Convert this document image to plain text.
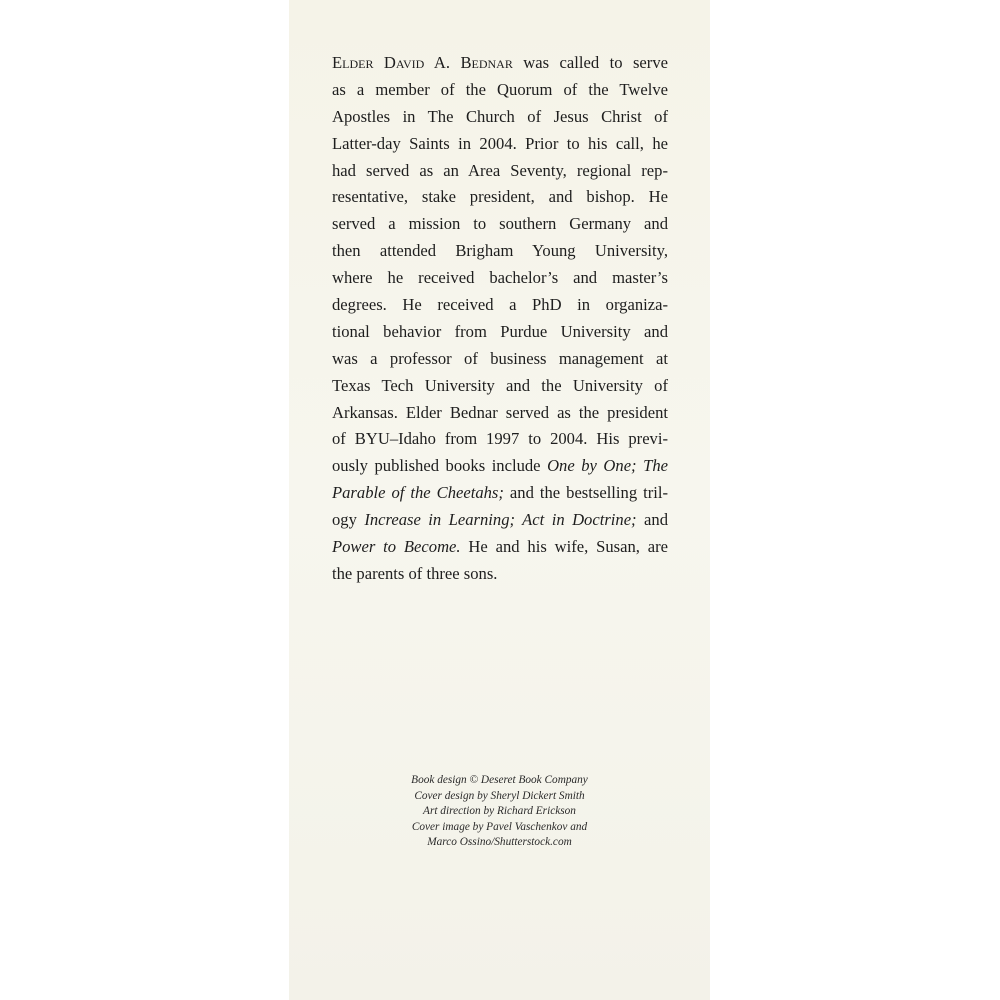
Elder David A. Bednar was called to serve
as a member of the Quorum of the Twelve
Apostles in The Church of Jesus Christ of
Latter-day Saints in 2004. Prior to his call, he
had served as an Area Seventy, regional rep-
resentative, stake president, and bishop. He
served a mission to southern Germany and
then attended Brigham Young University,
where he received bachelor’s and master’s
degrees. He received a PhD in organiza-
tional behavior from Purdue University and
was a professor of business management at
Texas Tech University and the University of
Arkansas. Elder Bednar served as the president
of BYU–Idaho from 1997 to 2004. His previ-
ously published books include One by One; The
Parable of the Cheetahs; and the bestselling tril-
ogy Increase in Learning; Act in Doctrine; and
Power to Become. He and his wife, Susan, are
the parents of three sons.

Book design © Deseret Book Company
Cover design by Sheryl Dickert Smith
Art direction by Richard Erickson
Cover image by Pavel Vaschenkov and
Marco Ossino/Shutterstock.com
